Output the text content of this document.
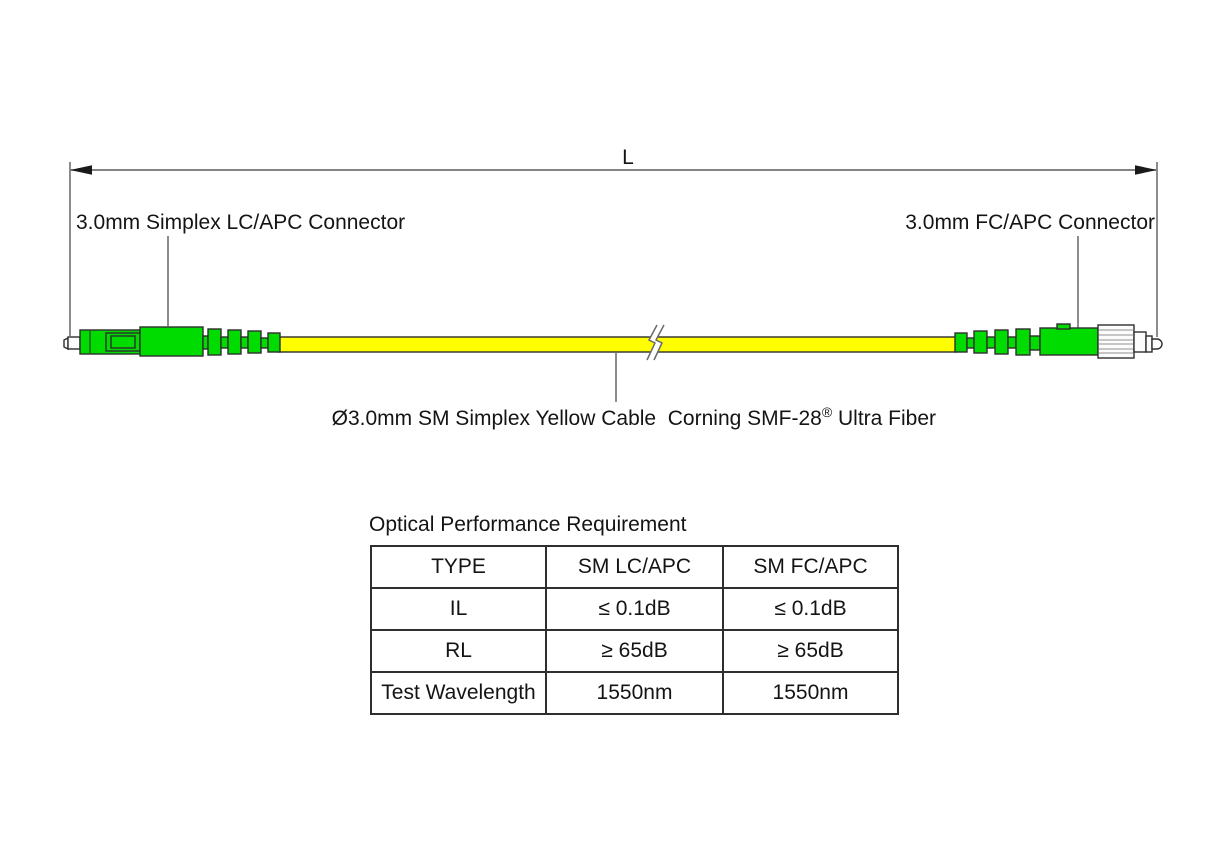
L
3.0mm Simplex LC/APC Connector	3.0mm FC/APC Connector
Ø3.0mm SM Simplex Yellow Cable  Corning SMF-28® Ultra Fiber
Optical Performance Requirement
TYPE	SM LC/APC	SM FC/APC
IL	≤ 0.1dB	≤ 0.1dB
RL	≥ 65dB	≥ 65dB
Test Wavelength	1550nm	1550nm
